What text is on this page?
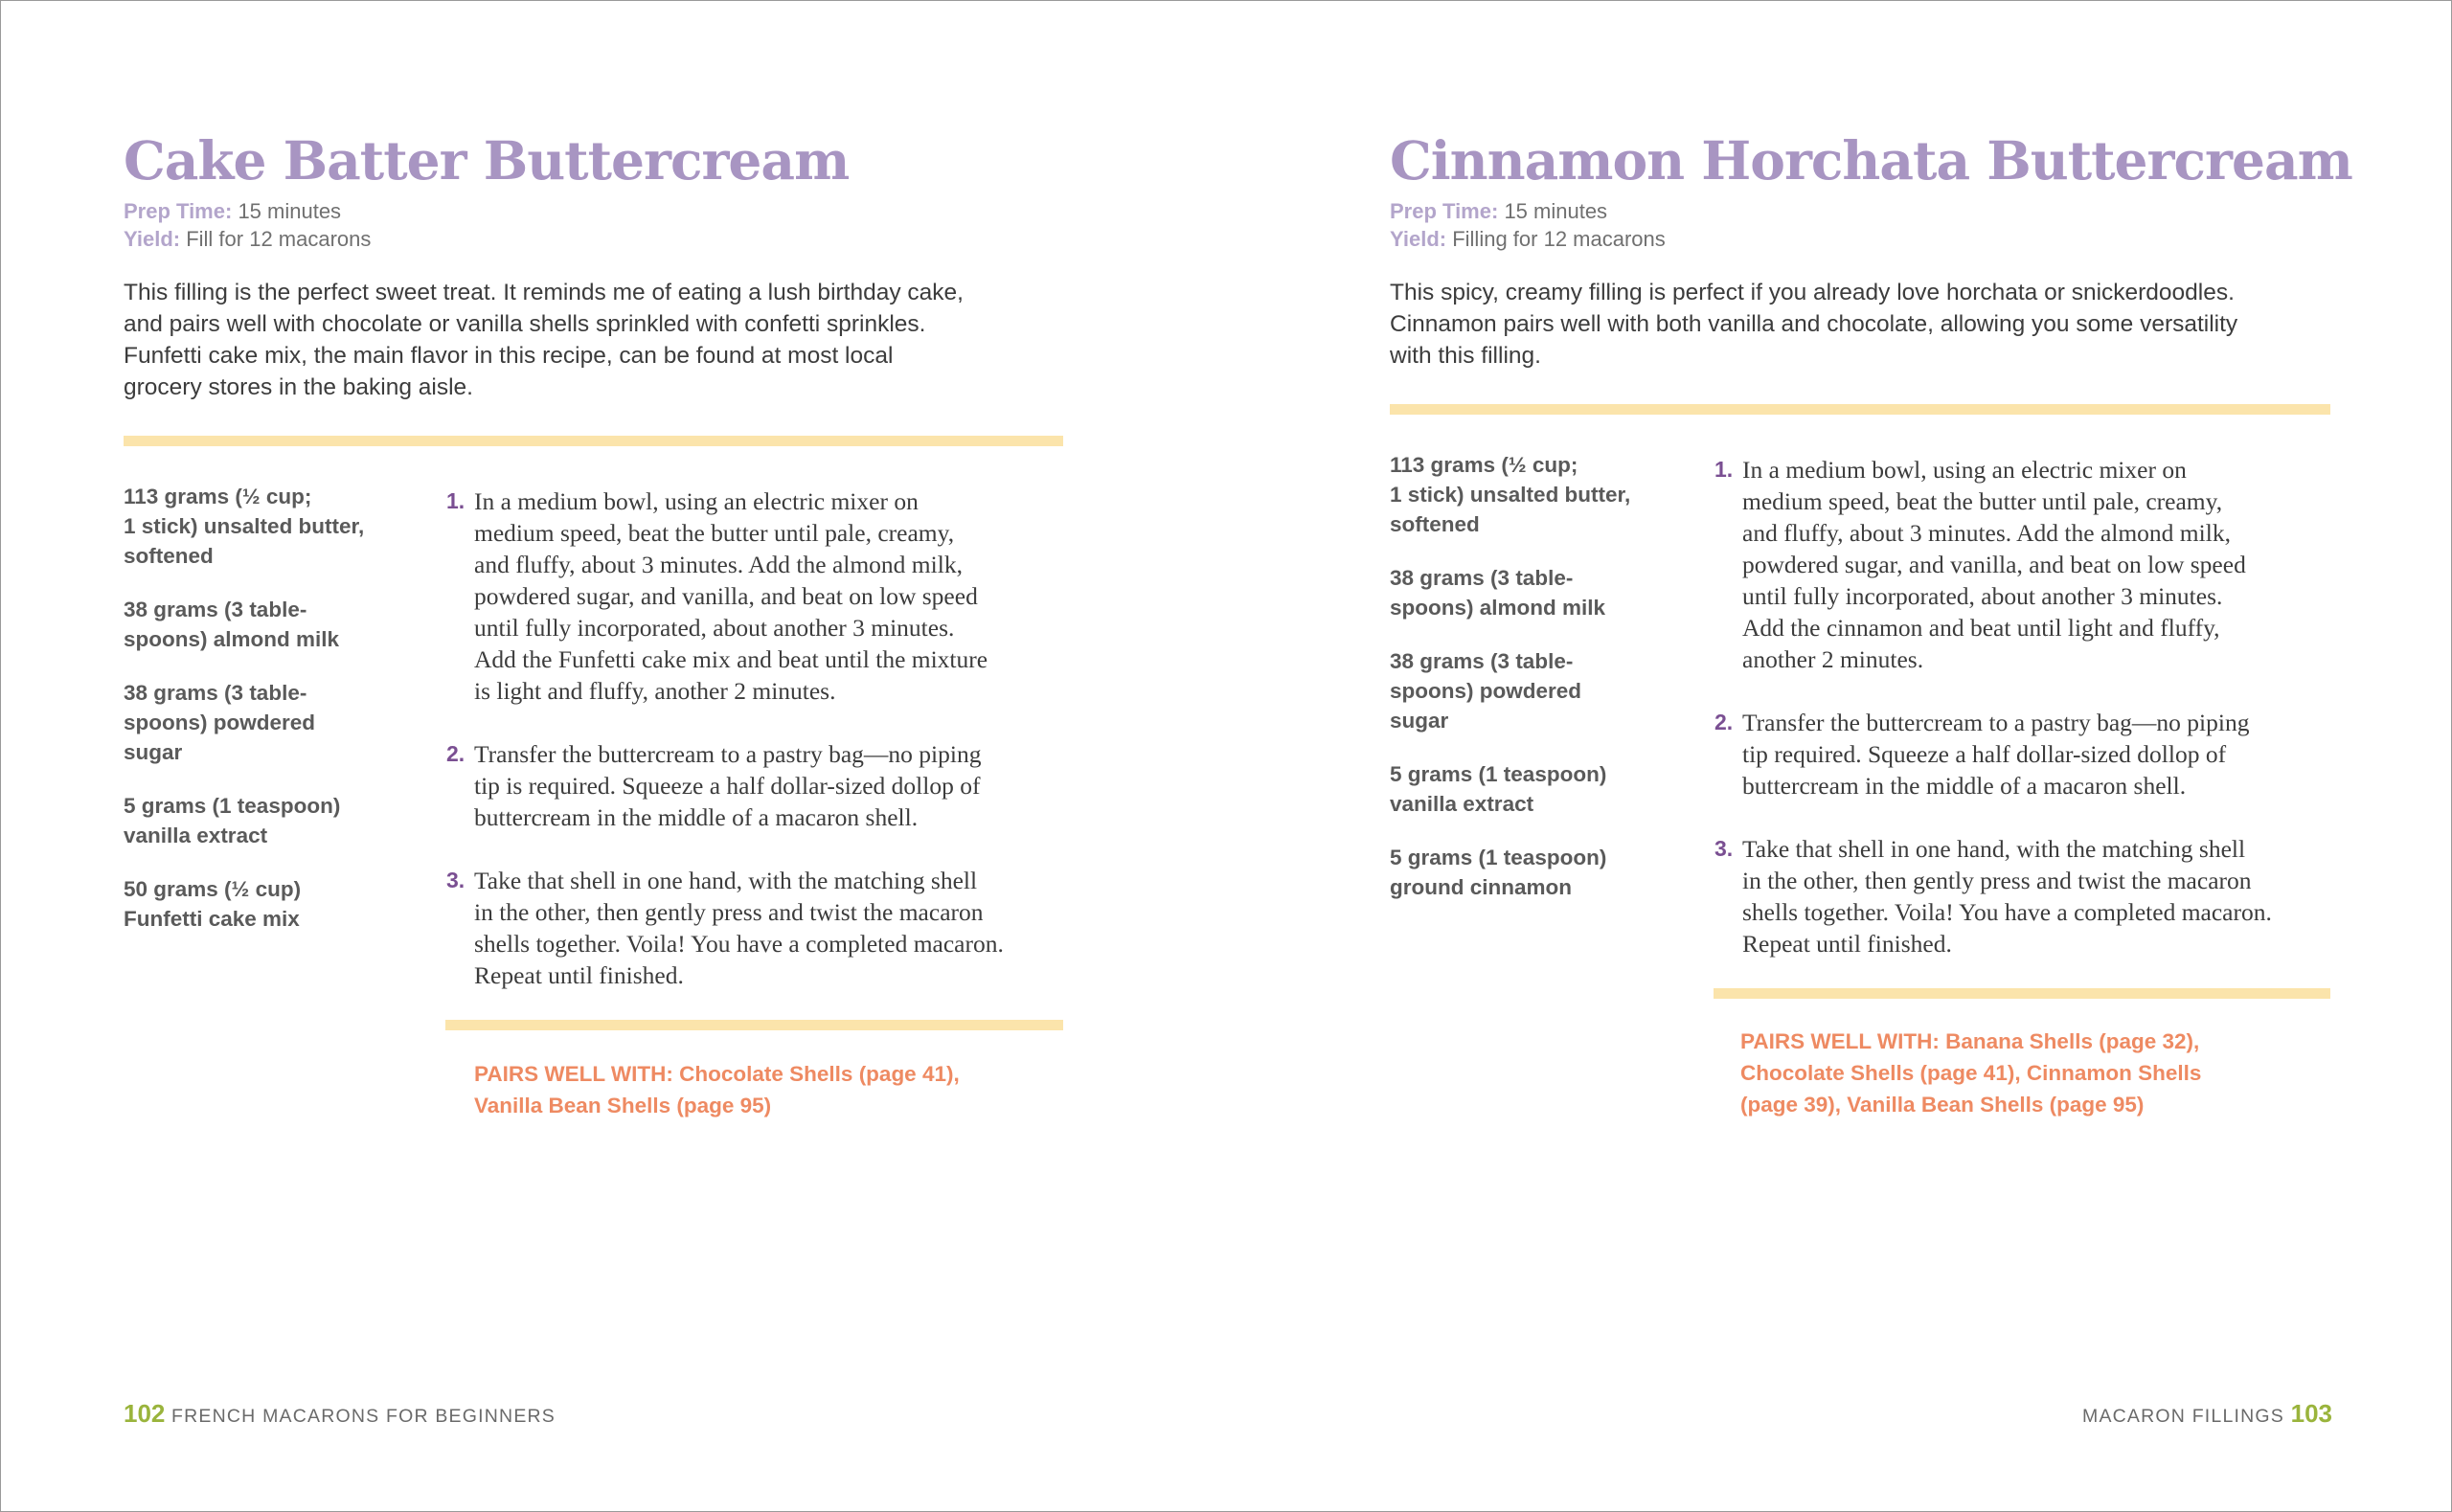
Cake Batter Buttercream
Prep Time: 15 minutes
Yield: Fill for 12 macarons

This filling is the perfect sweet treat. It reminds me of eating a lush birthday cake,

and pairs well with chocolate or vanilla shells sprinkled with confetti sprinkles.

Funfetti cake mix, the main flavor in this recipe, can be found at most local

grocery stores in the baking aisle.

113 grams (½ cup;
1 stick) unsalted butter,
softened
38 grams (3 table-
spoons) almond milk
38 grams (3 table-
spoons) powdered
sugar
5 grams (1 teaspoon)
vanilla extract
50 grams (½ cup)
Funfetti cake mix
1. In a medium bowl, using an electric mixer on
medium speed, beat the butter until pale, creamy,
and fluffy, about 3 minutes. Add the almond milk,
powdered sugar, and vanilla, and beat on low speed
until fully incorporated, about another 3 minutes.
Add the Funfetti cake mix and beat until the mixture
is light and fluffy, another 2 minutes.
2. Transfer the buttercream to a pastry bag—no piping
tip is required. Squeeze a half dollar-sized dollop of
buttercream in the middle of a macaron shell.
3. Take that shell in one hand, with the matching shell
in the other, then gently press and twist the macaron
shells together. Voila! You have a completed macaron.
Repeat until finished.
PAIRS WELL WITH: Chocolate Shells (page 41),
Vanilla Bean Shells (page 95)
102 FRENCH MACARONS FOR BEGINNERS
Cinnamon Horchata Buttercream
Prep Time: 15 minutes
Yield: Filling for 12 macarons

This spicy, creamy filling is perfect if you already love horchata or snickerdoodles.

Cinnamon pairs well with both vanilla and chocolate, allowing you some versatility

with this filling.

113 grams (½ cup;
1 stick) unsalted butter,
softened
38 grams (3 table-
spoons) almond milk
38 grams (3 table-
spoons) powdered
sugar
5 grams (1 teaspoon)
vanilla extract
5 grams (1 teaspoon)
ground cinnamon
1. In a medium bowl, using an electric mixer on
medium speed, beat the butter until pale, creamy,
and fluffy, about 3 minutes. Add the almond milk,
powdered sugar, and vanilla, and beat on low speed
until fully incorporated, about another 3 minutes.
Add the cinnamon and beat until light and fluffy,
another 2 minutes.
2. Transfer the buttercream to a pastry bag—no piping
tip required. Squeeze a half dollar-sized dollop of
buttercream in the middle of a macaron shell.
3. Take that shell in one hand, with the matching shell
in the other, then gently press and twist the macaron
shells together. Voila! You have a completed macaron.
Repeat until finished.
PAIRS WELL WITH: Banana Shells (page 32),
Chocolate Shells (page 41), Cinnamon Shells
(page 39), Vanilla Bean Shells (page 95)
MACARON FILLINGS 103
